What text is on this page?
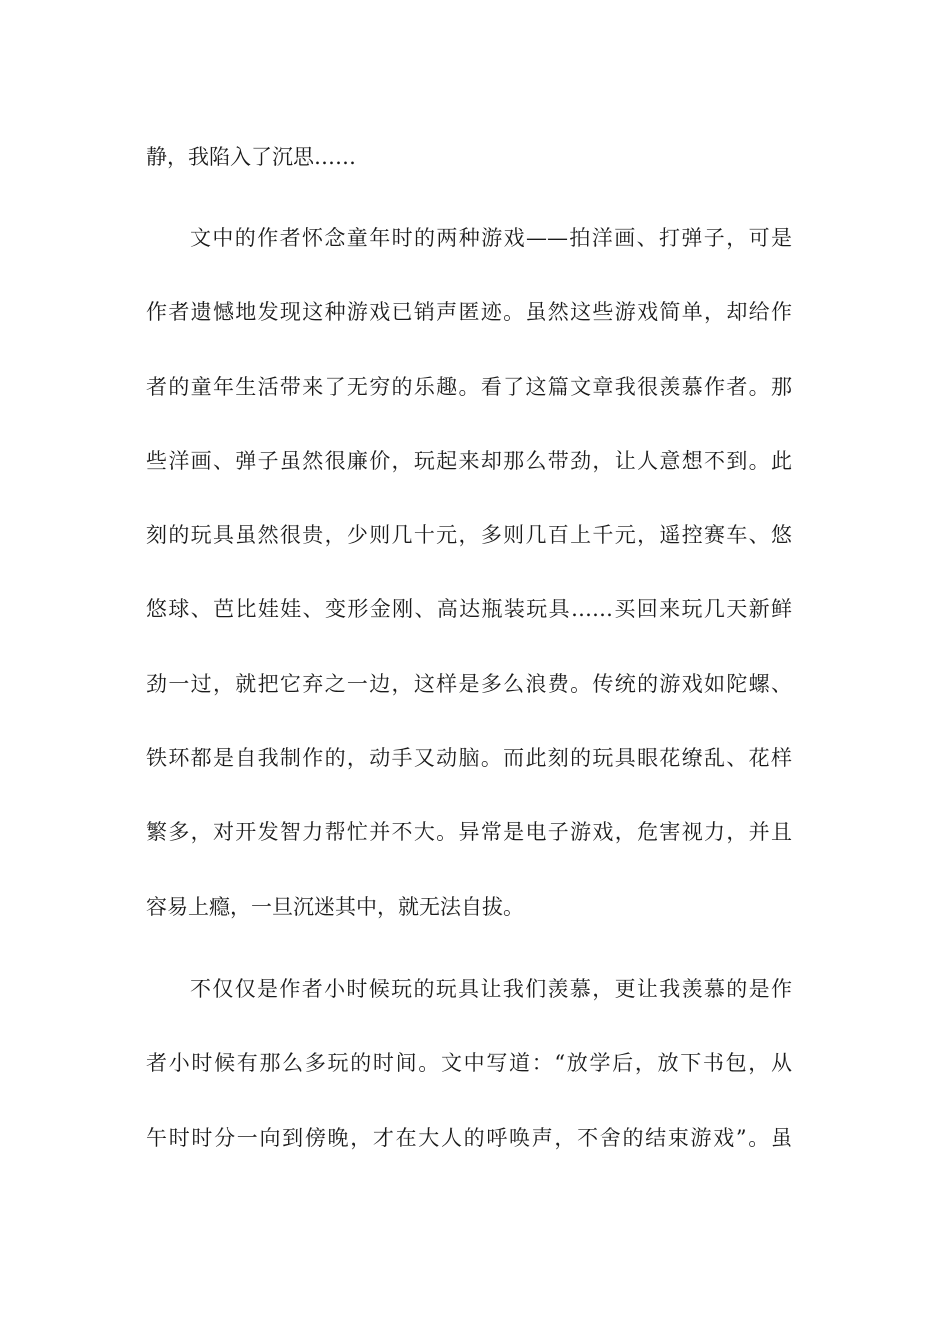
静，我陷入了沉思……
文中的作者怀念童年时的两种游戏——拍洋画、打弹子，可是
作者遗憾地发现这种游戏已销声匿迹。虽然这些游戏简单，却给作
者的童年生活带来了无穷的乐趣。看了这篇文章我很羡慕作者。那
些洋画、弹子虽然很廉价，玩起来却那么带劲，让人意想不到。此
刻的玩具虽然很贵，少则几十元，多则几百上千元，遥控赛车、悠
悠球、芭比娃娃、变形金刚、高达瓶装玩具……买回来玩几天新鲜
劲一过，就把它弃之一边，这样是多么浪费。传统的游戏如陀螺、
铁环都是自我制作的，动手又动脑。而此刻的玩具眼花缭乱、花样
繁多，对开发智力帮忙并不大。异常是电子游戏，危害视力，并且
容易上瘾，一旦沉迷其中，就无法自拔。
不仅仅是作者小时候玩的玩具让我们羡慕，更让我羡慕的是作
者小时候有那么多玩的时间。文中写道：“放学后，放下书包，从
午时时分一向到傍晚，才在大人的呼唤声，不舍的结束游戏”。虽
